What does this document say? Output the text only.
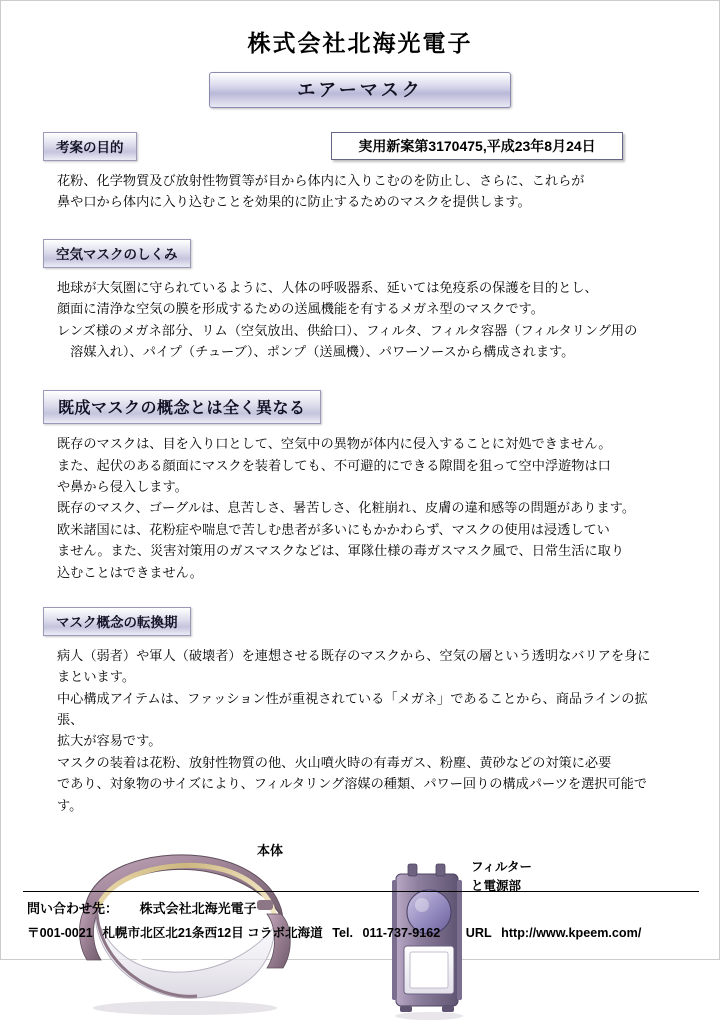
株式会社北海光電子
エアーマスク
実用新案第3170475,平成23年8月24日
考案の目的
花粉、化学物質及び放射性物質等が目から体内に入りこむのを防止し、さらに、これらが
鼻や口から体内に入り込むことを効果的に防止するためのマスクを提供します。
空気マスクのしくみ
地球が大気圏に守られているように、人体の呼吸器系、延いては免疫系の保護を目的とし、
顔面に清浄な空気の膜を形成するための送風機能を有するメガネ型のマスクです。
レンズ様のメガネ部分、リム（空気放出、供給口）、フィルタ、フィルタ容器（フィルタリング用の
　溶媒入れ）、パイプ（チューブ）、ポンプ（送風機）、パワーソースから構成されます。
既成マスクの概念とは全く異なる
既存のマスクは、目を入り口として、空気中の異物が体内に侵入することに対処できません。
また、起伏のある顔面にマスクを装着しても、不可避的にできる隙間を狙って空中浮遊物は口
や鼻から侵入します。
既存のマスク、ゴーグルは、息苦しさ、暑苦しさ、化粧崩れ、皮膚の違和感等の問題があります。
欧米諸国には、花粉症や喘息で苦しむ患者が多いにもかかわらず、マスクの使用は浸透してい
ません。また、災害対策用のガスマスクなどは、軍隊仕様の毒ガスマスク風で、日常生活に取り
込むことはできません。
マスク概念の転換期
病人（弱者）や軍人（破壊者）を連想させる既存のマスクから、空気の層という透明なバリアを身に
まといます。
中心構成アイテムは、ファッション性が重視されている「メガネ」であることから、商品ラインの拡張、
拡大が容易です。
マスクの装着は花粉、放射性物質の他、火山噴火時の有毒ガス、粉塵、黄砂などの対策に必要
であり、対象物のサイズにより、フィルタリング溶媒の種類、パワー回りの構成パーツを選択可能で
す。
本体
フィルター
と電源部
問い合わせ先： 株式会社北海光電子
〒001-0021 札幌市北区北21条西12目 コラボ北海道 Tel. 011-737-9162 URL http://www.kpeem.com/
